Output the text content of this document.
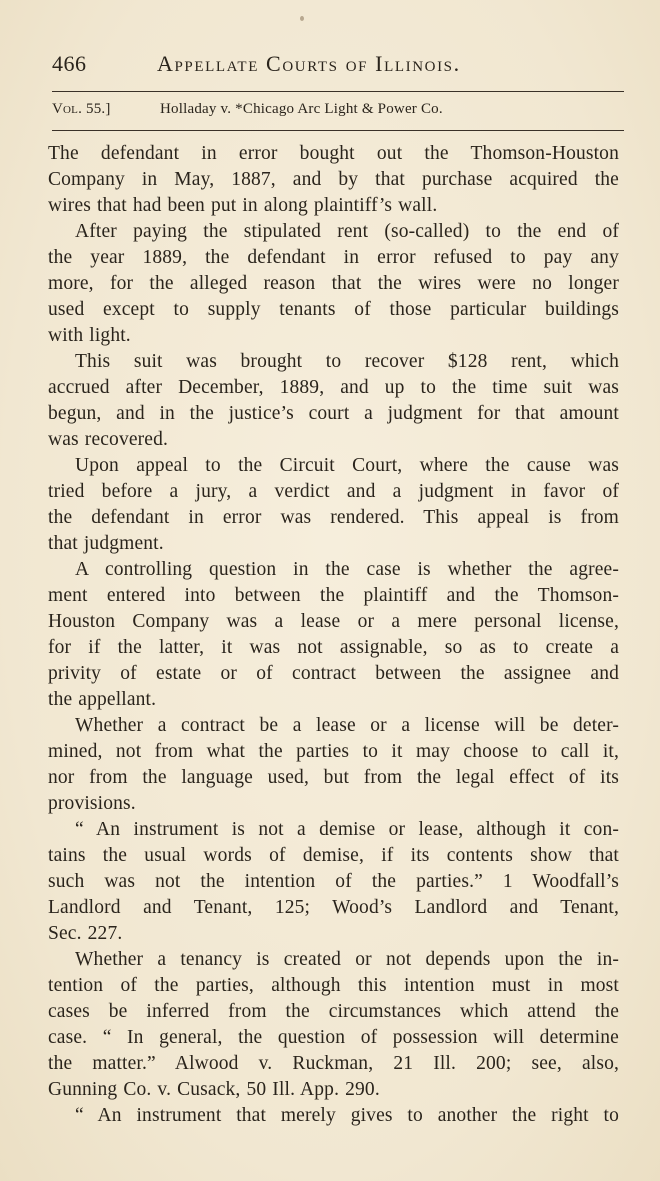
466	Appellate Courts of Illinois.
Vol. 55.]	Holladay v. *Chicago Arc Light & Power Co.
The defendant in error bought out the Thomson-Houston
Company in May, 1887, and by that purchase acquired the
wires that had been put in along plaintiff’s wall.
After paying the stipulated rent (so-called) to the end of
the year 1889, the defendant in error refused to pay any
more, for the alleged reason that the wires were no longer
used except to supply tenants of those particular buildings
with light.
This suit was brought to recover $128 rent, which
accrued after December, 1889, and up to the time suit was
begun, and in the justice’s court a judgment for that amount
was recovered.
Upon appeal to the Circuit Court, where the cause was
tried before a jury, a verdict and a judgment in favor of
the defendant in error was rendered. This appeal is from
that judgment.
A controlling question in the case is whether the agree-
ment entered into between the plaintiff and the Thomson-
Houston Company was a lease or a mere personal license,
for if the latter, it was not assignable, so as to create a
privity of estate or of contract between the assignee and
the appellant.
Whether a contract be a lease or a license will be deter-
mined, not from what the parties to it may choose to call it,
nor from the language used, but from the legal effect of its
provisions.
“ An instrument is not a demise or lease, although it con-
tains the usual words of demise, if its contents show that
such was not the intention of the parties.” 1 Woodfall’s
Landlord and Tenant, 125; Wood’s Landlord and Tenant,
Sec. 227.
Whether a tenancy is created or not depends upon the in-
tention of the parties, although this intention must in most
cases be inferred from the circumstances which attend the
case. “ In general, the question of possession will determine
the matter.” Alwood v. Ruckman, 21 Ill. 200; see, also,
Gunning Co. v. Cusack, 50 Ill. App. 290.
“ An instrument that merely gives to another the right to
